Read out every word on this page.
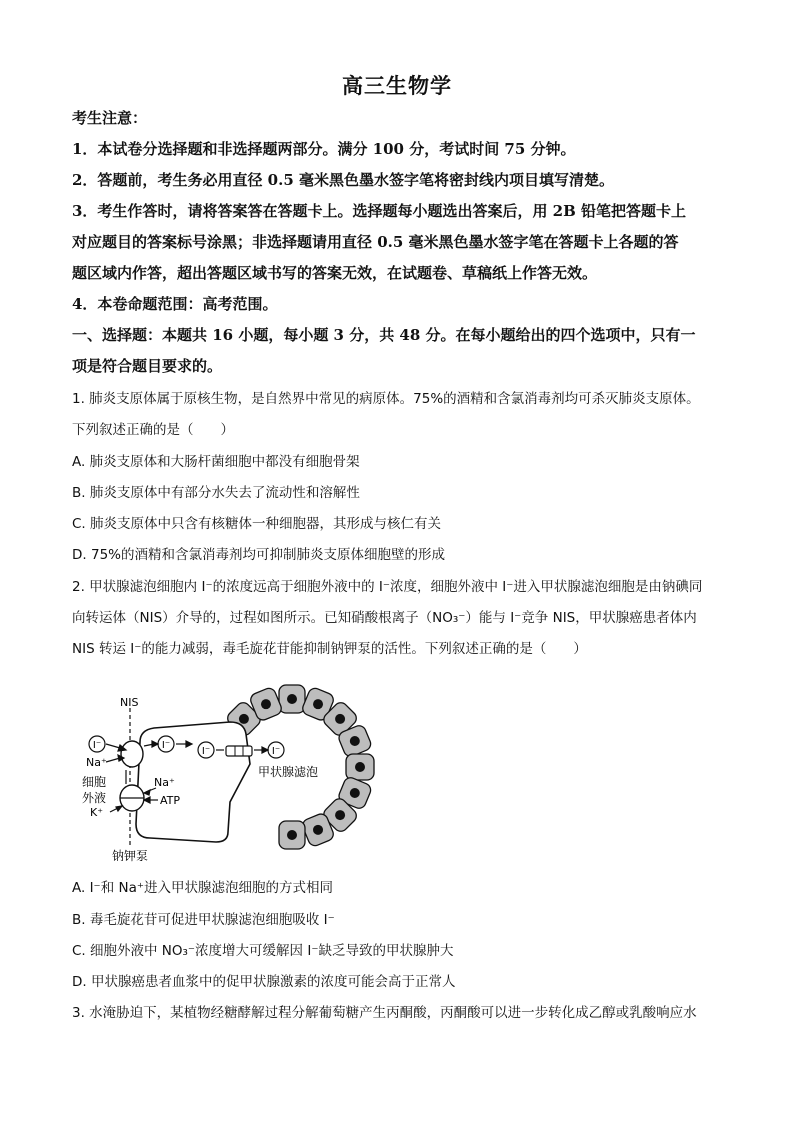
高三生物学
考生注意：
1．本试卷分选择题和非选择题两部分。满分 100 分，考试时间 75 分钟。
2．答题前，考生务必用直径 0.5 毫米黑色墨水签字笔将密封线内项目填写清楚。
3．考生作答时，请将答案答在答题卡上。选择题每小题选出答案后，用 2B 铅笔把答题卡上
对应题目的答案标号涂黑；非选择题请用直径 0.5 毫米黑色墨水签字笔在答题卡上各题的答
题区域内作答，超出答题区域书写的答案无效，在试题卷、草稿纸上作答无效。
4．本卷命题范围：高考范围。
一、选择题：本题共 16 小题，每小题 3 分，共 48 分。在每小题给出的四个选项中，只有一
项是符合题目要求的。
1. 肺炎支原体属于原核生物，是自然界中常见的病原体。75%的酒精和含氯消毒剂均可杀灭肺炎支原体。
下列叙述正确的是（　　）
A. 肺炎支原体和大肠杆菌细胞中都没有细胞骨架
B. 肺炎支原体中有部分水失去了流动性和溶解性
C. 肺炎支原体中只含有核糖体一种细胞器，其形成与核仁有关
D. 75%的酒精和含氯消毒剂均可抑制肺炎支原体细胞壁的形成
2. 甲状腺滤泡细胞内 I⁻的浓度远高于细胞外液中的 I⁻浓度，细胞外液中 I⁻进入甲状腺滤泡细胞是由钠碘同
向转运体（NIS）介导的，过程如图所示。已知硝酸根离子（NO₃⁻）能与 I⁻竞争 NIS，甲状腺癌患者体内
NIS 转运 I⁻的能力减弱，毒毛旋花苷能抑制钠钾泵的活性。下列叙述正确的是（　　）
I⁻	I⁻
I⁻	I⁻
NIS
Na⁺
Na⁺
ATP
K⁺
细胞
外液
甲状腺滤泡
钠钾泵
A. I⁻和 Na⁺进入甲状腺滤泡细胞的方式相同
B. 毒毛旋花苷可促进甲状腺滤泡细胞吸收 I⁻
C. 细胞外液中 NO₃⁻浓度增大可缓解因 I⁻缺乏导致的甲状腺肿大
D. 甲状腺癌患者血浆中的促甲状腺激素的浓度可能会高于正常人
3. 水淹胁迫下，某植物经糖酵解过程分解葡萄糖产生丙酮酸，丙酮酸可以进一步转化成乙醇或乳酸响应水
